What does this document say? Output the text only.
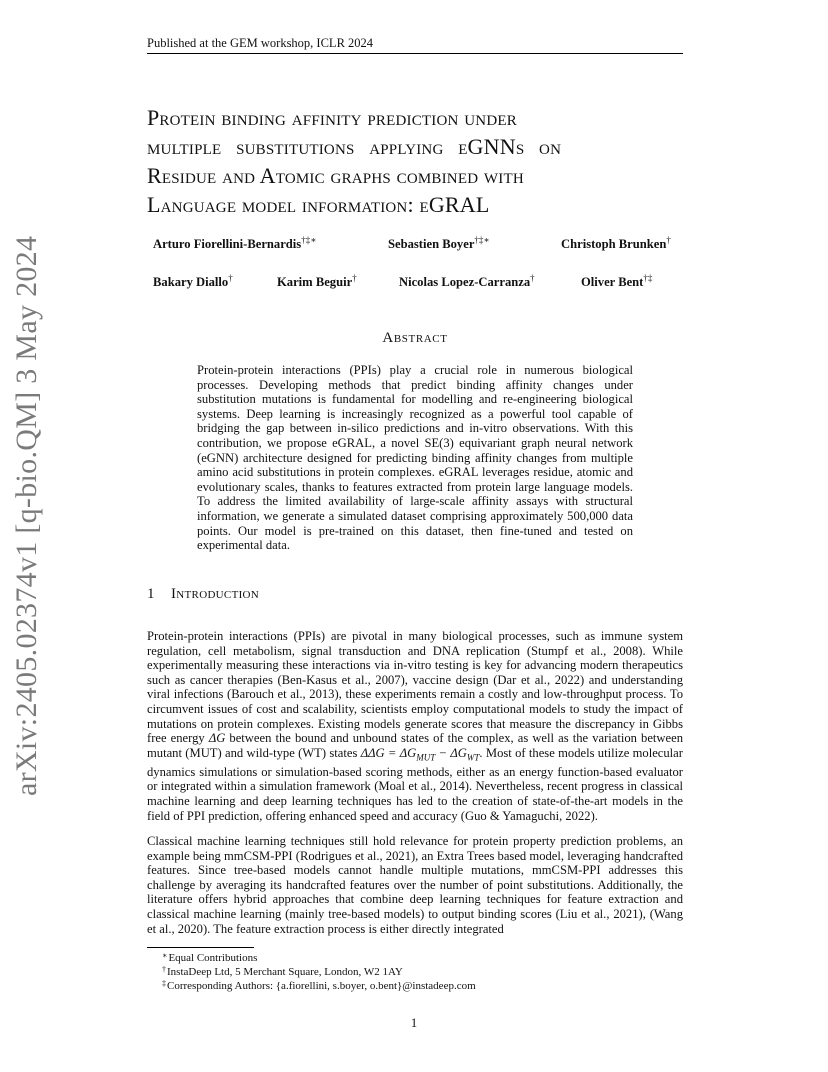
Published at the GEM workshop, ICLR 2024
Protein binding affinity prediction under
multiple substitutions applying eGNNs on
Residue and Atomic graphs combined with
Language model information: eGRAL
Arturo Fiorellini-Bernardis†‡∗	Sebastien Boyer†‡∗	Christoph Brunken†
Bakary Diallo†	Karim Beguir†	Nicolas Lopez-Carranza†	Oliver Bent†‡
Abstract
Protein-protein interactions (PPIs) play a crucial role in numerous biological processes. Developing methods that predict binding affinity changes under substitution mutations is fundamental for modelling and re-engineering biological systems. Deep learning is increasingly recognized as a powerful tool capable of bridging the gap between in-silico predictions and in-vitro observations. With this contribution, we propose eGRAL, a novel SE(3) equivariant graph neural network (eGNN) architecture designed for predicting binding affinity changes from multiple amino acid substitutions in protein complexes. eGRAL leverages residue, atomic and evolutionary scales, thanks to features extracted from protein large language models. To address the limited availability of large-scale affinity assays with structural information, we generate a simulated dataset comprising approximately 500,000 data points. Our model is pre-trained on this dataset, then fine-tuned and tested on experimental data.
1 Introduction
Protein-protein interactions (PPIs) are pivotal in many biological processes, such as immune system regulation, cell metabolism, signal transduction and DNA replication (Stumpf et al., 2008). While experimentally measuring these interactions via in-vitro testing is key for advancing modern therapeutics such as cancer therapies (Ben-Kasus et al., 2007), vaccine design (Dar et al., 2022) and understanding viral infections (Barouch et al., 2013), these experiments remain a costly and low-throughput process. To circumvent issues of cost and scalability, scientists employ computational models to study the impact of mutations on protein complexes. Existing models generate scores that measure the discrepancy in Gibbs free energy ΔG between the bound and unbound states of the complex, as well as the variation between mutant (MUT) and wild-type (WT) states $\Delta\Delta G = \Delta G_{MUT} - \Delta G_{WT}$. Most of these models utilize molecular dynamics simulations or simulation-based scoring methods, either as an energy function-based evaluator or integrated within a simulation framework (Moal et al., 2014). Nevertheless, recent progress in classical machine learning and deep learning techniques has led to the creation of state-of-the-art models in the field of PPI prediction, offering enhanced speed and accuracy (Guo & Yamaguchi, 2022).
Classical machine learning techniques still hold relevance for protein property prediction problems, an example being mmCSM-PPI (Rodrigues et al., 2021), an Extra Trees based model, leveraging handcrafted features. Since tree-based models cannot handle multiple mutations, mmCSM-PPI addresses this challenge by averaging its handcrafted features over the number of point substitutions. Additionally, the literature offers hybrid approaches that combine deep learning techniques for feature extraction and classical machine learning (mainly tree-based models) to output binding scores (Liu et al., 2021), (Wang et al., 2020). The feature extraction process is either directly integrated
∗Equal Contributions
†InstaDeep Ltd, 5 Merchant Square, London, W2 1AY
‡Corresponding Authors: {a.fiorellini, s.boyer, o.bent}@instadeep.com
1
arXiv:2405.02374v1 [q-bio.QM] 3 May 2024
